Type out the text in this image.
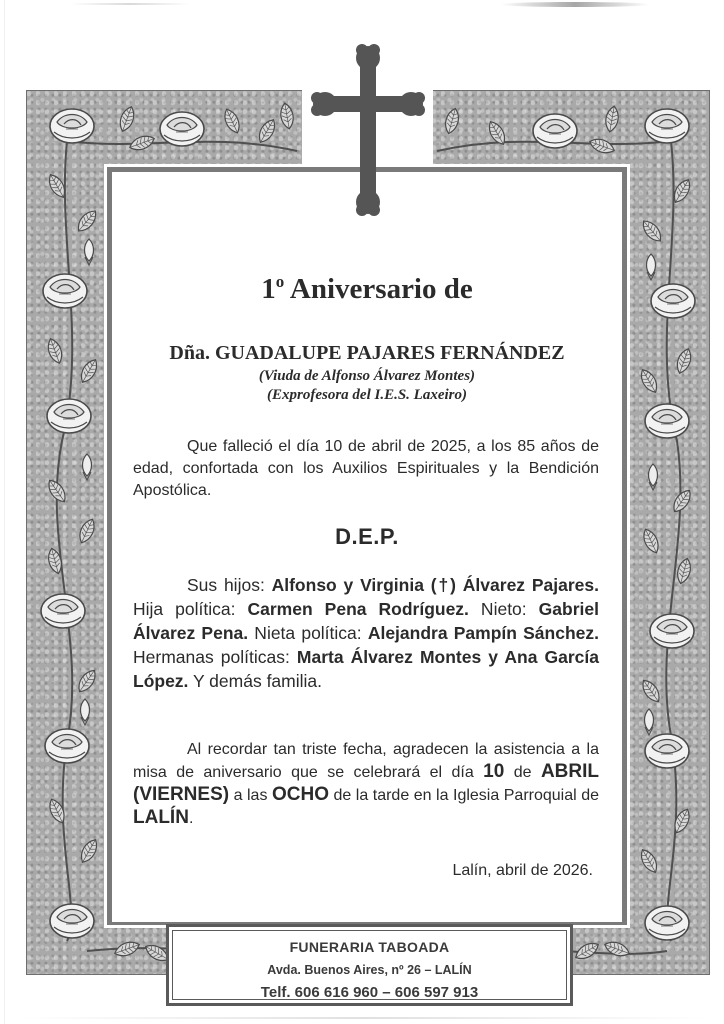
1$^o$ Aniversario de
Dña. GUADALUPE PAJARES FERNÁNDEZ
(Viuda de Alfonso Álvarez Montes)
(Exprofesora del I.E.S. Laxeiro)
Que falleció el día 10 de abril de 2025, a los 85 años de edad, confortada con los Auxilios Espirituales y la Bendición Apostólica.
D.E.P.
Sus hijos: Alfonso y Virginia (†) Álvarez Pajares. Hija política: Carmen Pena Rodríguez. Nieto: Gabriel Álvarez Pena. Nieta política: Alejandra Pampín Sánchez. Hermanas políticas: Marta Álvarez Montes y Ana García López. Y demás familia.
Al recordar tan triste fecha, agradecen la asistencia a la misa de aniversario que se celebrará el día 10 de ABRIL (VIERNES) a las OCHO de la tarde en la Iglesia Parroquial de LALÍN.
Lalín, abril de 2026.
FUNERARIA TABOADA
Avda. Buenos Aires, nº 26 – LALÍN
Telf. 606 616 960 – 606 597 913
